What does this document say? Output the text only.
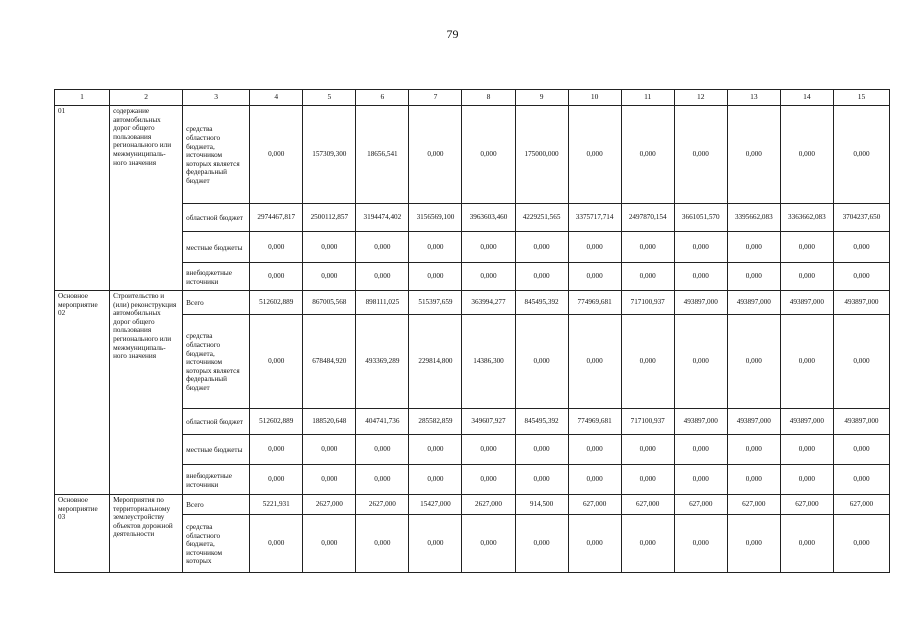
79
1	2	3	4	5	6	7	8	9	10	11	12	13	14	15
01	содержание автомобильных дорог общего пользования регионального или межмуниципаль-ного значения	средства областного бюджета, источником которых является федеральный бюджет	0,000	157309,300	18656,541	0,000	0,000	175000,000	0,000	0,000	0,000	0,000	0,000	0,000
		областной бюджет	2974467,817	2500112,857	3194474,402	3156569,100	3963603,460	4229251,565	3375717,714	2497870,154	3661051,570	3395662,083	3363662,083	3704237,650
		местные бюджеты	0,000	0,000	0,000	0,000	0,000	0,000	0,000	0,000	0,000	0,000	0,000	0,000
		внебюджетные источники	0,000	0,000	0,000	0,000	0,000	0,000	0,000	0,000	0,000	0,000	0,000	0,000
Основное мероприятие 02	Строительство и (или) реконструкция автомобильных дорог общего пользования регионального или межмуниципаль-ного значения	Всего	512602,889	867005,568	898111,025	515397,659	363994,277	845495,392	774969,681	717100,937	493897,000	493897,000	493897,000	493897,000
		средства областного бюджета, источником которых является федеральный бюджет	0,000	678484,920	493369,289	229814,800	14386,300	0,000	0,000	0,000	0,000	0,000	0,000	0,000
		областной бюджет	512602,889	188520,648	404741,736	285582,859	349607,927	845495,392	774969,681	717100,937	493897,000	493897,000	493897,000	493897,000
		местные бюджеты	0,000	0,000	0,000	0,000	0,000	0,000	0,000	0,000	0,000	0,000	0,000	0,000
		внебюджетные источники	0,000	0,000	0,000	0,000	0,000	0,000	0,000	0,000	0,000	0,000	0,000	0,000
Основное мероприятие 03	Мероприятия по территориальному землеустройству объектов дорожной деятельности	Всего	5221,931	2627,000	2627,000	15427,000	2627,000	914,500	627,000	627,000	627,000	627,000	627,000	627,000
		средства областного бюджета, источником которых	0,000	0,000	0,000	0,000	0,000	0,000	0,000	0,000	0,000	0,000	0,000	0,000
